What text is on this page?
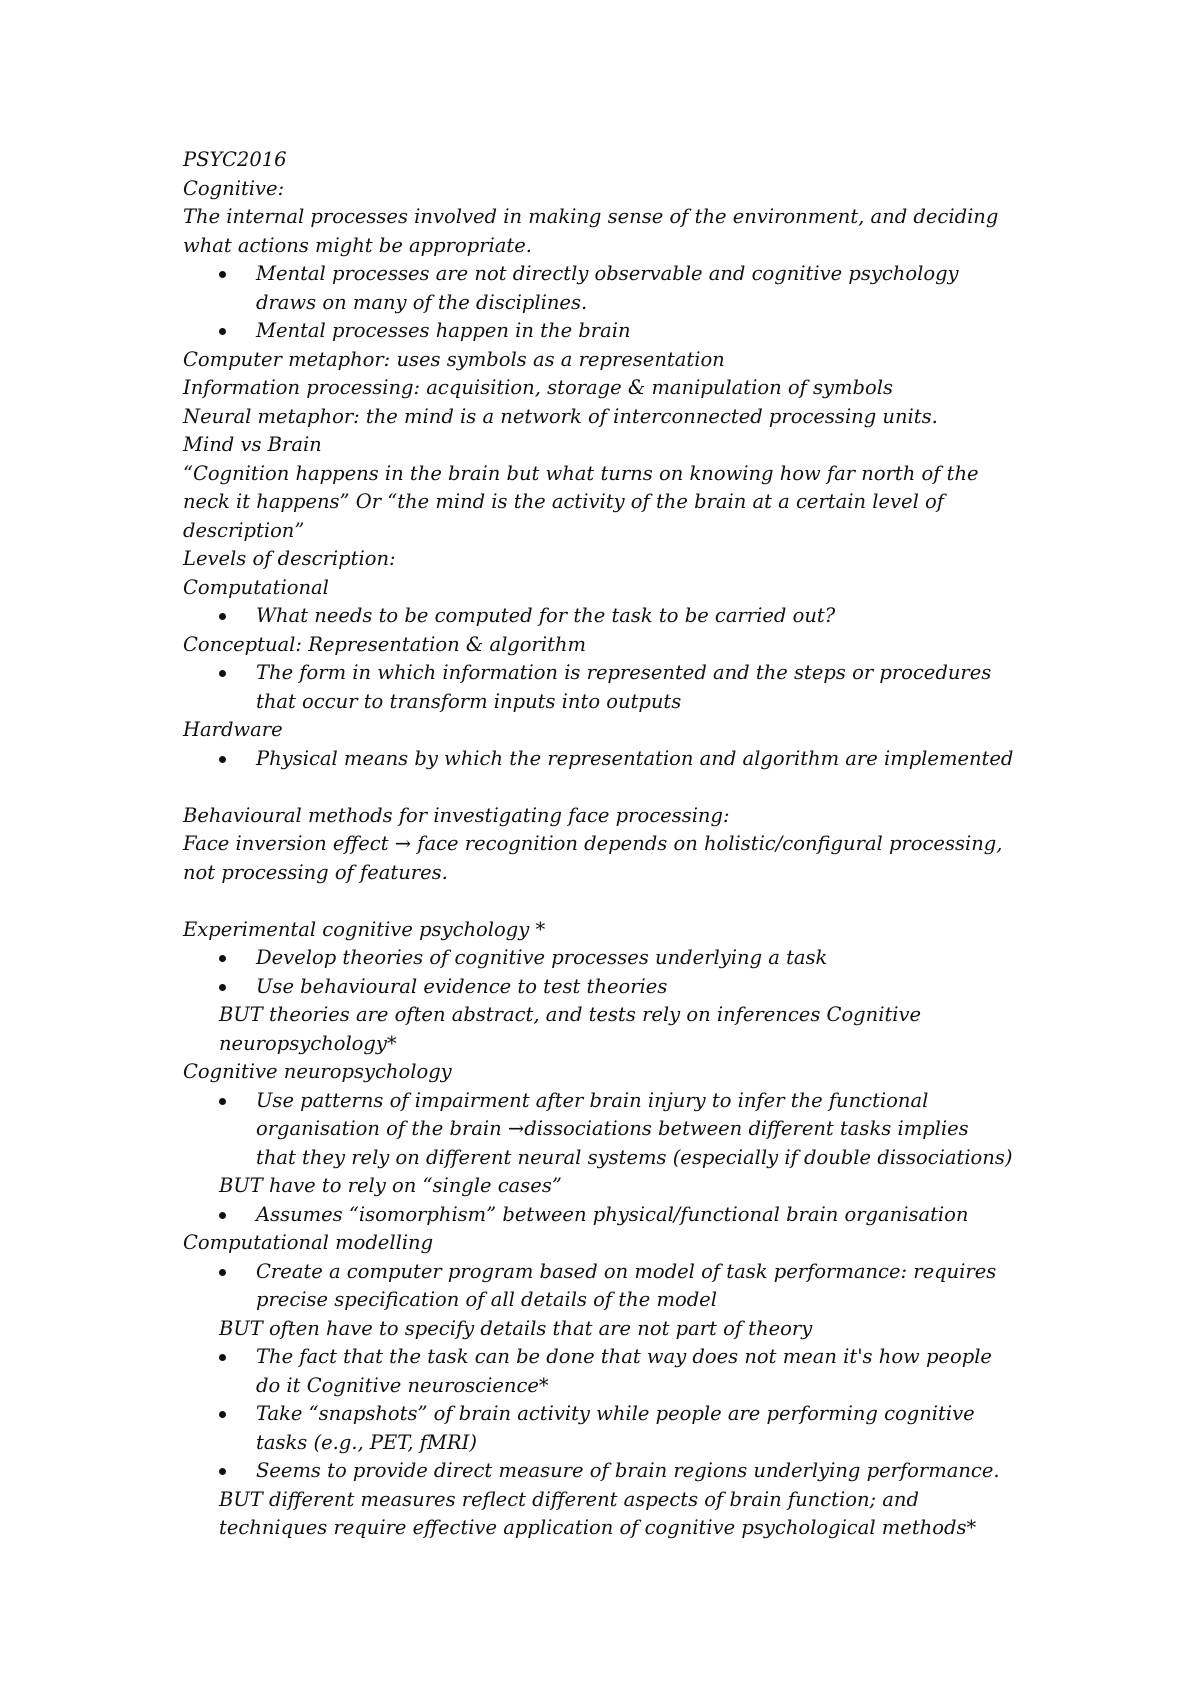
PSYC2016
Cognitive:
The internal processes involved in making sense of the environment, and deciding
what actions might be appropriate.
Mental processes are not directly observable and cognitive psychology
draws on many of the disciplines.
Mental processes happen in the brain
Computer metaphor: uses symbols as a representation
Information processing: acquisition, storage & manipulation of symbols
Neural metaphor: the mind is a network of interconnected processing units.
Mind vs Brain
“Cognition happens in the brain but what turns on knowing how far north of the
neck it happens” Or “the mind is the activity of the brain at a certain level of
description”
Levels of description:
Computational
What needs to be computed for the task to be carried out?
Conceptual: Representation & algorithm
The form in which information is represented and the steps or procedures
that occur to transform inputs into outputs
Hardware
Physical means by which the representation and algorithm are implemented
Behavioural methods for investigating face processing:
Face inversion effect → face recognition depends on holistic/configural processing,
not processing of features.
Experimental cognitive psychology *
Develop theories of cognitive processes underlying a task
Use behavioural evidence to test theories
BUT theories are often abstract, and tests rely on inferences Cognitive
neuropsychology*
Cognitive neuropsychology
Use patterns of impairment after brain injury to infer the functional
organisation of the brain →dissociations between different tasks implies
that they rely on different neural systems (especially if double dissociations)
BUT have to rely on “single cases”
Assumes “isomorphism” between physical/functional brain organisation
Computational modelling
Create a computer program based on model of task performance: requires
precise specification of all details of the model
BUT often have to specify details that are not part of theory
The fact that the task can be done that way does not mean it's how people
do it Cognitive neuroscience*
Take “snapshots” of brain activity while people are performing cognitive
tasks (e.g., PET, fMRI)
Seems to provide direct measure of brain regions underlying performance.
BUT different measures reflect different aspects of brain function; and
techniques require effective application of cognitive psychological methods*
